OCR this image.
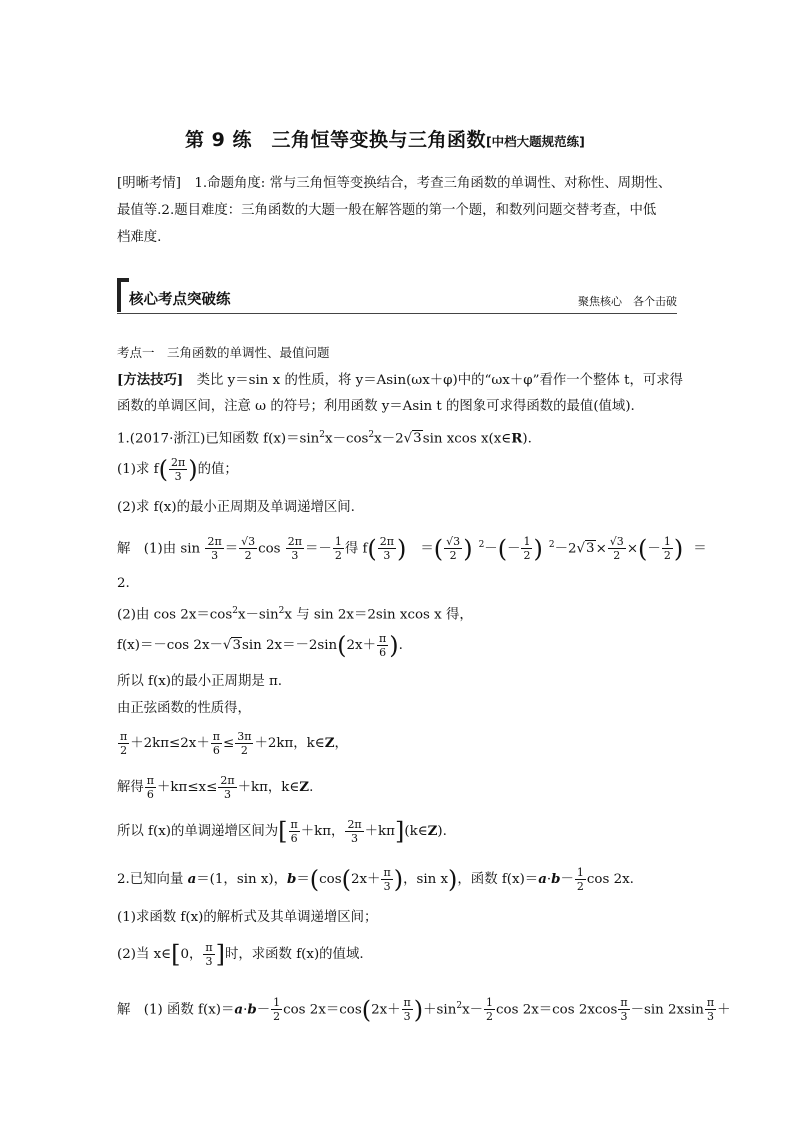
第 9 练　三角恒等变换与三角函数[中档大题规范练]
[明晰考情]　1.命题角度: 常与三角恒等变换结合，考查三角函数的单调性、对称性、周期性、
最值等.2.题目难度：三角函数的大题一般在解答题的第一个题，和数列问题交替考查，中低
档难度.
核心考点突破练	聚焦核心　各个击破
考点一　三角函数的单调性、最值问题
[方法技巧]　类比 y＝sin x 的性质，将 y＝Asin(ωx＋φ)中的“ωx＋φ”看作一个整体 t，可求得
函数的单调区间，注意 ω 的符号；利用函数 y＝Asin t 的图象可求得函数的最值(值域).
1.(2017·浙江)已知函数 $f(x)=\sin^2x-\cos^2x-2√3\sin$ xcos x(x∈R).
(1)求 $f( \frac{2\pi}{3}$ )的值；
(2)求 f(x)的最小正周期及单调递增区间.
解　(1)由 $\sin \frac{2\pi}{3} = \frac{√3}{2}$ $\cos \frac{2\pi}{3} =- \frac{1}{2}$ 得 $f( \frac{2\pi}{3}$ ) ＝( $\frac{√3}{2}$ ) $^2-(- \frac{1}{2}$ ) $^2-2√3\times \frac{√3}{2}$ ×(－ $\frac{1}{2}$ ) ＝
2.
(2)由 $\cos 2x=\cos^2x-\sin^2x$ 与 sin 2x＝2sin xcos x 得，
f(x)＝－cos 2x－√3sin $2x=-2\sin(2x+ \frac{\pi}{6}$ ).
所以 f(x)的最小正周期是 π.
由正弦函数的性质得，
$\frac{\pi}{2} +2k\pi\le 2x+ \frac{\pi}{6} \le \frac{3\pi}{2} +2k\pi$，k∈Z，
解得 $\frac{\pi}{6} +k\pi\le x\le \frac{2\pi}{3} +k\pi$，k∈Z.
所以 f(x)的单调递增区间为[ $\frac{\pi}{6} +k\pi$， $\frac{2\pi}{3}$ ＋kπ](k∈Z).
2.已知向量 a＝(1，sin x)，$b=(\cos(2x+ \frac{\pi}{3}$ )，sin x)，函数 $f(x)=a\cdot b- \frac{1}{2}$ cos 2x.
(1)求函数 f(x)的解析式及其单调递增区间；
(2)当 x∈[0， $\frac{\pi}{3}$ ]时，求函数 f(x)的值域.
解　(1) 函数 $f(x)=a\cdot b- \frac{1}{2}$ $\cos 2x=\cos(2x+ \frac{\pi}{3} )+\sin^2x- \frac{1}{2}$ cos 2x＝cos $2xcos \frac{\pi}{3} -\sin$ $2xsin \frac{\pi}{3}$ ＋
